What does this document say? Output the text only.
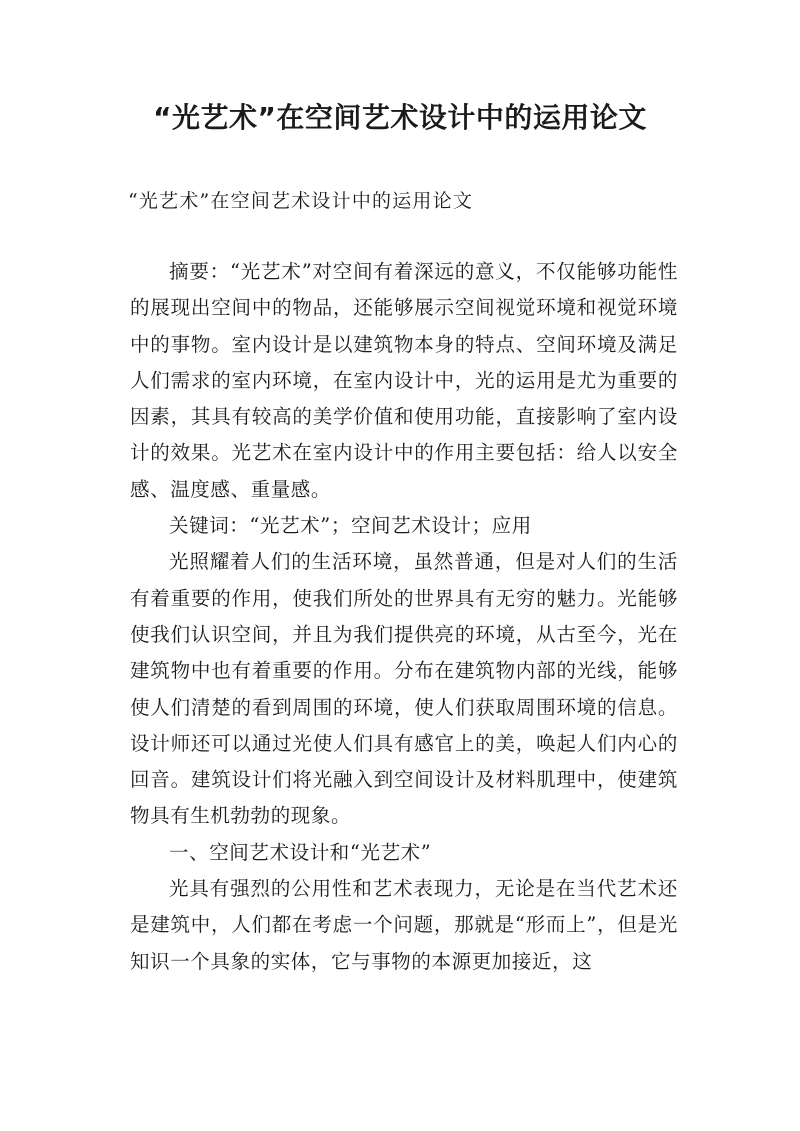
“光艺术”在空间艺术设计中的运用论文

“光艺术”在空间艺术设计中的运用论文

摘要：“光艺术”对空间有着深远的意义，不仅能够功能性的展现出空间中的物品，还能够展示空间视觉环境和视觉环境中的事物。室内设计是以建筑物本身的特点、空间环境及满足人们需求的室内环境，在室内设计中，光的运用是尤为重要的因素，其具有较高的美学价值和使用功能，直接影响了室内设计的效果。光艺术在室内设计中的作用主要包括：给人以安全感、温度感、重量感。

关键词：“光艺术”；空间艺术设计；应用

光照耀着人们的生活环境，虽然普通，但是对人们的生活有着重要的作用，使我们所处的世界具有无穷的魅力。光能够使我们认识空间，并且为我们提供亮的环境，从古至今，光在建筑物中也有着重要的作用。分布在建筑物内部的光线，能够使人们清楚的看到周围的环境，使人们获取周围环境的信息。设计师还可以通过光使人们具有感官上的美，唤起人们内心的回音。建筑设计们将光融入到空间设计及材料肌理中，使建筑物具有生机勃勃的现象。

一、空间艺术设计和“光艺术”

光具有强烈的公用性和艺术表现力，无论是在当代艺术还是建筑中，人们都在考虑一个问题，那就是“形而上”，但是光知识一个具象的实体，它与事物的本源更加接近，这
